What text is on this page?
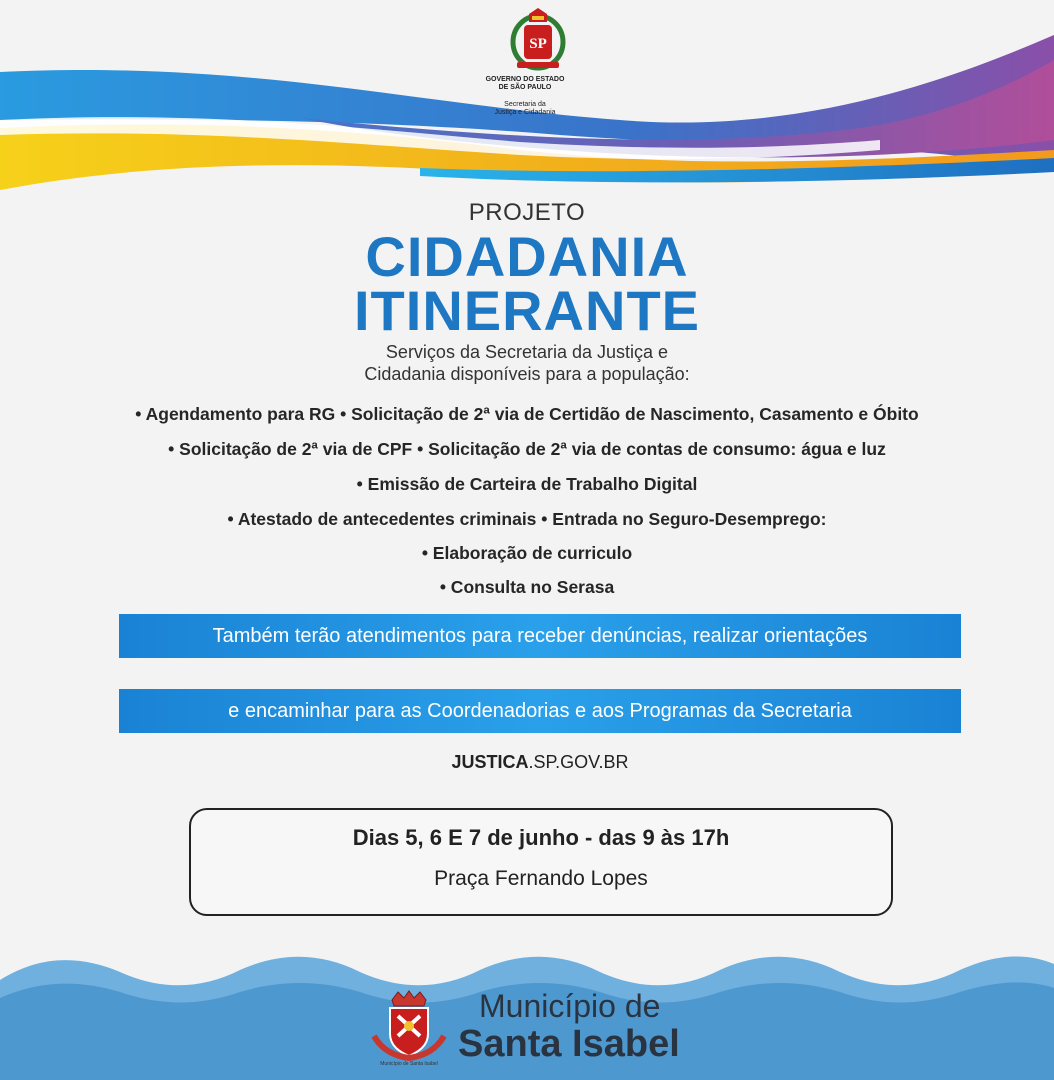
SP
GOVERNO DO ESTADO
DE SÃO PAULO
Secretaria da
Justiça e Cidadania
PROJETO
CIDADANIA
ITINERANTE
Serviços da Secretaria da Justiça e
Cidadania disponíveis para a população:
• Agendamento para RG • Solicitação de 2ª via de Certidão de Nascimento, Casamento e Óbito
• Solicitação de 2ª via de CPF • Solicitação de 2ª via de contas de consumo: água e luz
• Emissão de Carteira de Trabalho Digital
• Atestado de antecedentes criminais • Entrada no Seguro-Desemprego:
• Elaboração de curriculo
• Consulta no Serasa
Também terão atendimentos para receber denúncias, realizar orientações
e encaminhar para as Coordenadorias e aos Programas da Secretaria
JUSTICA.SP.GOV.BR
Dias 5, 6 E 7 de junho - das 9 às 17h
Praça Fernando Lopes
Município de Santa Isabel
Município de
Santa Isabel
